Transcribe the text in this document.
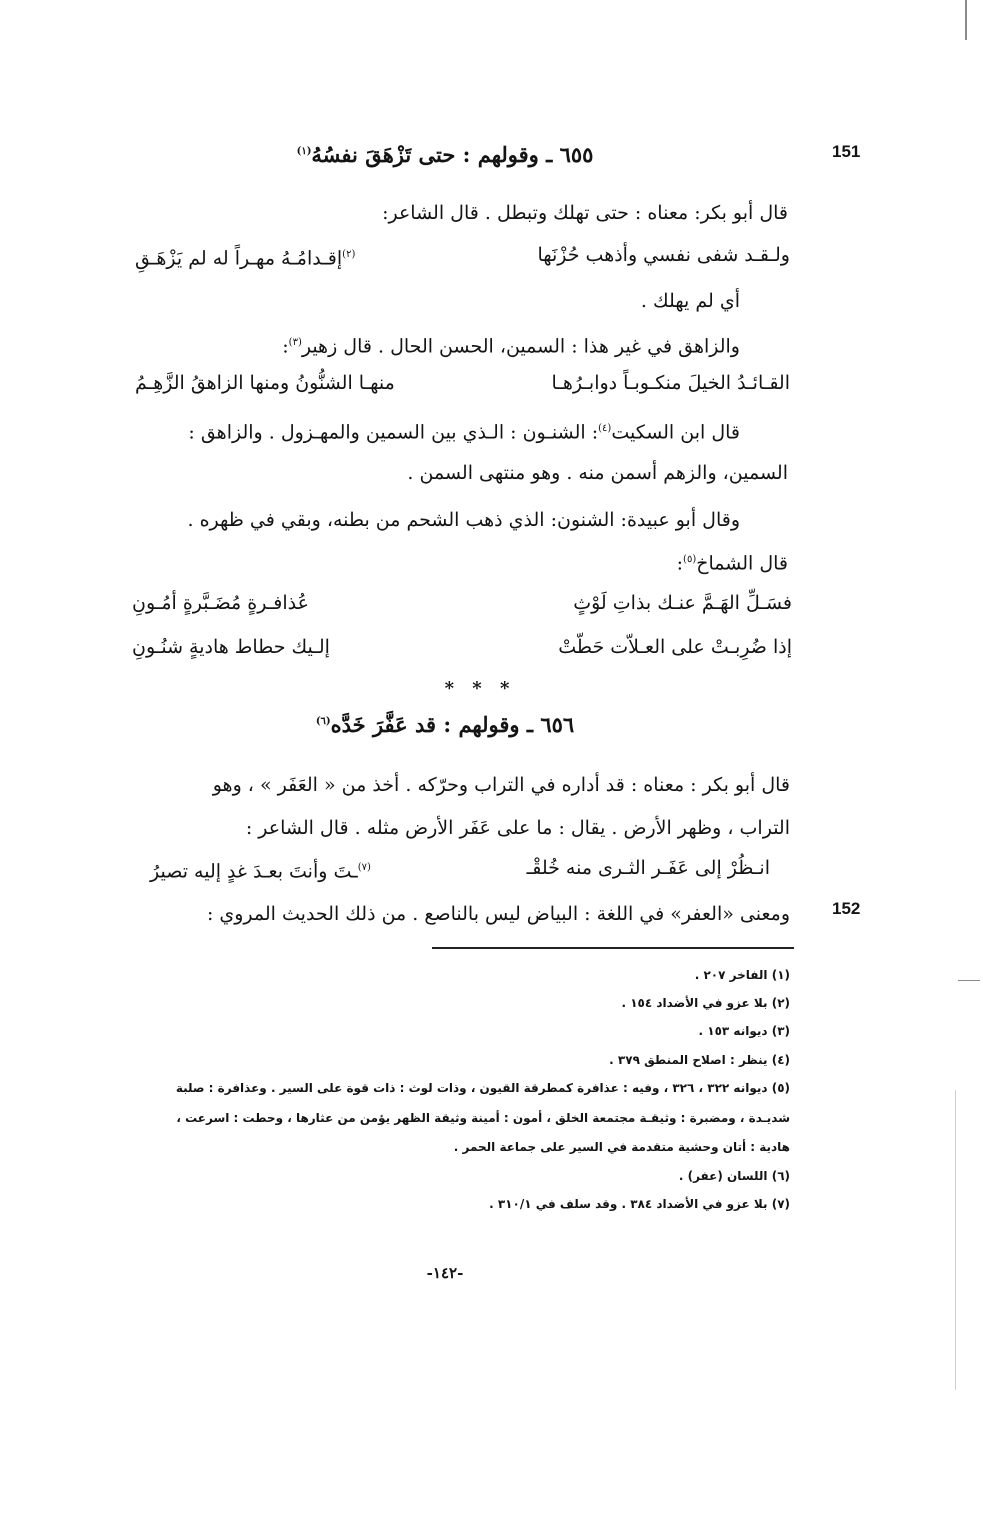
151
152
٦٥٥ ـ وقولهم : حتى تَزْهَقَ نفسُهُ$^{(١)}$
قال أبو بكر: معناه : حتى تهلك وتبطل . قال الشاعر:
ولـقـد شفى نفسي وأذهب حُزْنَها
$^{(٢)}$إقـدامُـهُ مهـراً له لم يَزْهَـقِ
أي لم يهلك .
والزاهق في غير هذا : السمين، الحسن الحال . قال زهير$^{(٣)}$:
القـائـدُ الخيلَ منكـوبـاً دوابـرُهـا
منهـا الشنُّونُ ومنها الزاهقُ الزَّهِـمُ
قال ابن السكيت$^{(٤)}$: الشنـون : الـذي بين السمين والمهـزول . والزاهق :
السمين، والزهم أسمن منه . وهو منتهى السمن .
وقال أبو عبيدة: الشنون: الذي ذهب الشحم من بطنه، وبقي في ظهره .
قال الشماخ$^{(٥)}$:
فسَـلِّ الهَـمَّ عنـك بذاتِ لَوْثٍ
عُذافـرةٍ مُضَـبَّرةٍ أمُـونِ
إذا ضُرِبـتْ على العـلاّت حَطّتْ
إلـيك حطاط هاديةٍ شنُـونِ
* * *
٦٥٦ ـ وقولهم : قد عَفَّرَ خَدَّه$^{(٦)}$
قال أبو بكر : معناه : قد أداره في التراب وحرّكه . أخذ من « العَفَر » ، وهو
التراب ، وظهر الأرض . يقال : ما على عَفَر الأرض مثله . قال الشاعر :
انـظُرْ إلى عَفَـر الثـرى منه خُلقْـ
$^{(٧)}$ـتَ وأنتَ بعـدَ غدٍ إليه تصيرُ
ومعنى «العفر» في اللغة : البياض ليس بالناصع . من ذلك الحديث المروي :
(١) الفاخر ٢٠٧ .
(٢) بلا عزو في الأضداد ١٥٤ .
(٣) ديوانه ١٥٣ .
(٤) ينظر : اصلاح المنطق ٣٧٩ .
(٥) ديوانه ٣٢٢ ، ٣٢٦ ، وفيه : عذافرة كمطرقة القيون ، وذات لوث : ذات قوة على السير . وعذافرة : صلبة
شديـدة ، ومضبرة : وثيقـة مجتمعة الخلق ، أمون : أمينة وثيقة الظهر يؤمن من عثارها ، وحطت : اسرعت ،
هادية : أتان وحشية متقدمة في السير على جماعة الحمر .
(٦) اللسان (عفر) .
(٧) بلا عزو في الأضداد ٣٨٤ . وقد سلف في ٣١٠/١ .
-١٤٢-
